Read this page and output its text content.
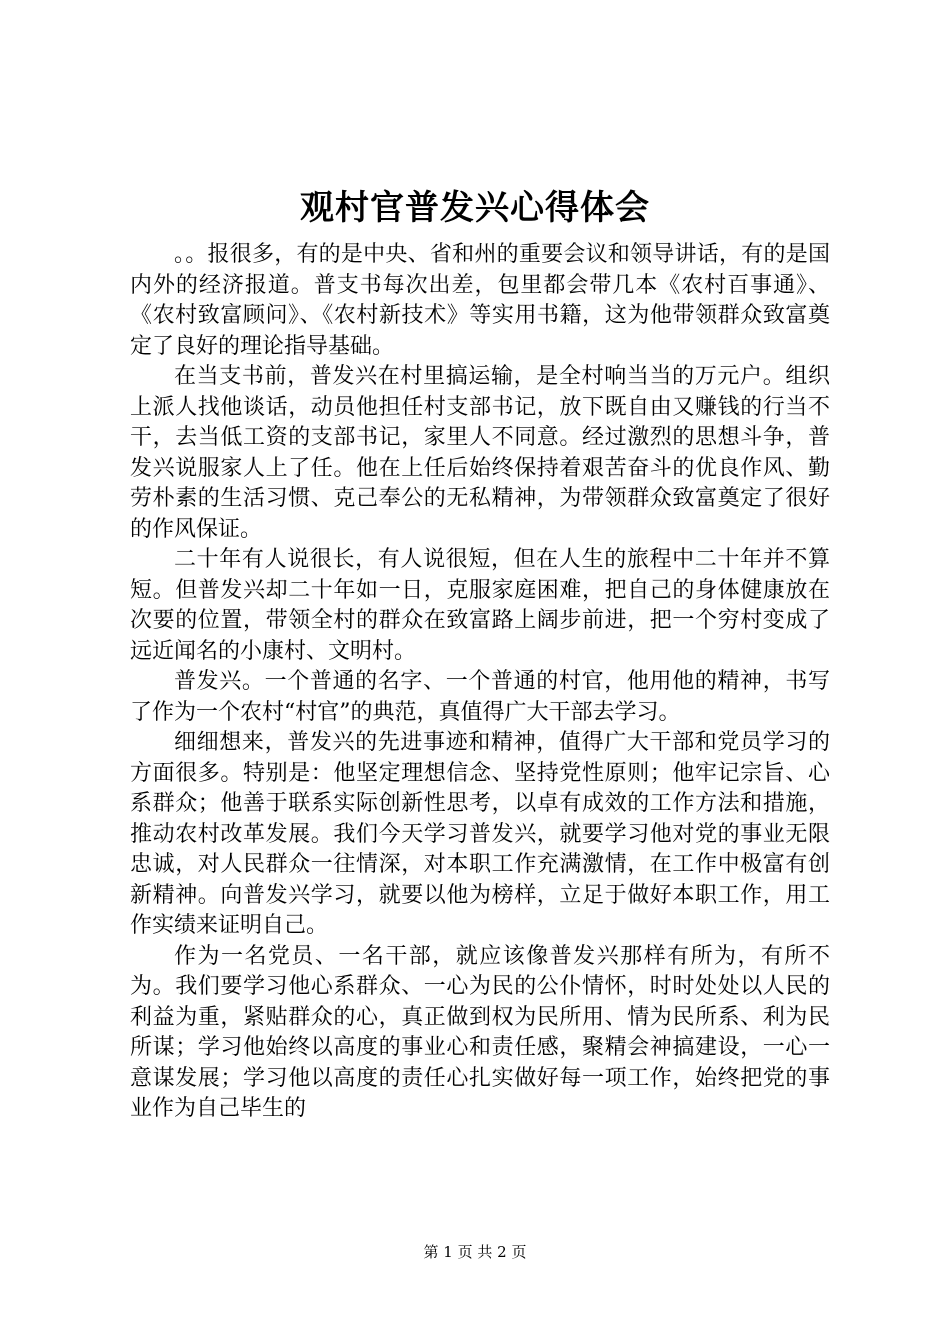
观村官普发兴心得体会

。。报很多，有的是中央、省和州的重要会议和领导讲话，有的是国内外的经济报道。普支书每次出差，包里都会带几本《农村百事通》、《农村致富顾问》、《农村新技术》等实用书籍，这为他带领群众致富奠定了良好的理论指导基础。

在当支书前，普发兴在村里搞运输，是全村响当当的万元户。组织上派人找他谈话，动员他担任村支部书记，放下既自由又赚钱的行当不干，去当低工资的支部书记，家里人不同意。经过激烈的思想斗争，普发兴说服家人上了任。他在上任后始终保持着艰苦奋斗的优良作风、勤劳朴素的生活习惯、克己奉公的无私精神，为带领群众致富奠定了很好的作风保证。

二十年有人说很长，有人说很短，但在人生的旅程中二十年并不算短。但普发兴却二十年如一日，克服家庭困难，把自己的身体健康放在次要的位置，带领全村的群众在致富路上阔步前进，把一个穷村变成了远近闻名的小康村、文明村。

普发兴。一个普通的名字、一个普通的村官，他用他的精神，书写了作为一个农村“村官”的典范，真值得广大干部去学习。

细细想来，普发兴的先进事迹和精神，值得广大干部和党员学习的方面很多。特别是：他坚定理想信念、坚持党性原则；他牢记宗旨、心系群众；他善于联系实际创新性思考，以卓有成效的工作方法和措施，推动农村改革发展。我们今天学习普发兴，就要学习他对党的事业无限忠诚，对人民群众一往情深，对本职工作充满激情，在工作中极富有创新精神。向普发兴学习，就要以他为榜样，立足于做好本职工作，用工作实绩来证明自己。

作为一名党员、一名干部，就应该像普发兴那样有所为，有所不为。我们要学习他心系群众、一心为民的公仆情怀，时时处处以人民的利益为重，紧贴群众的心，真正做到权为民所用、情为民所系、利为民所谋；学习他始终以高度的事业心和责任感，聚精会神搞建设，一心一意谋发展；学习他以高度的责任心扎实做好每一项工作，始终把党的事业作为自己毕生的

第 1 页 共 2 页
